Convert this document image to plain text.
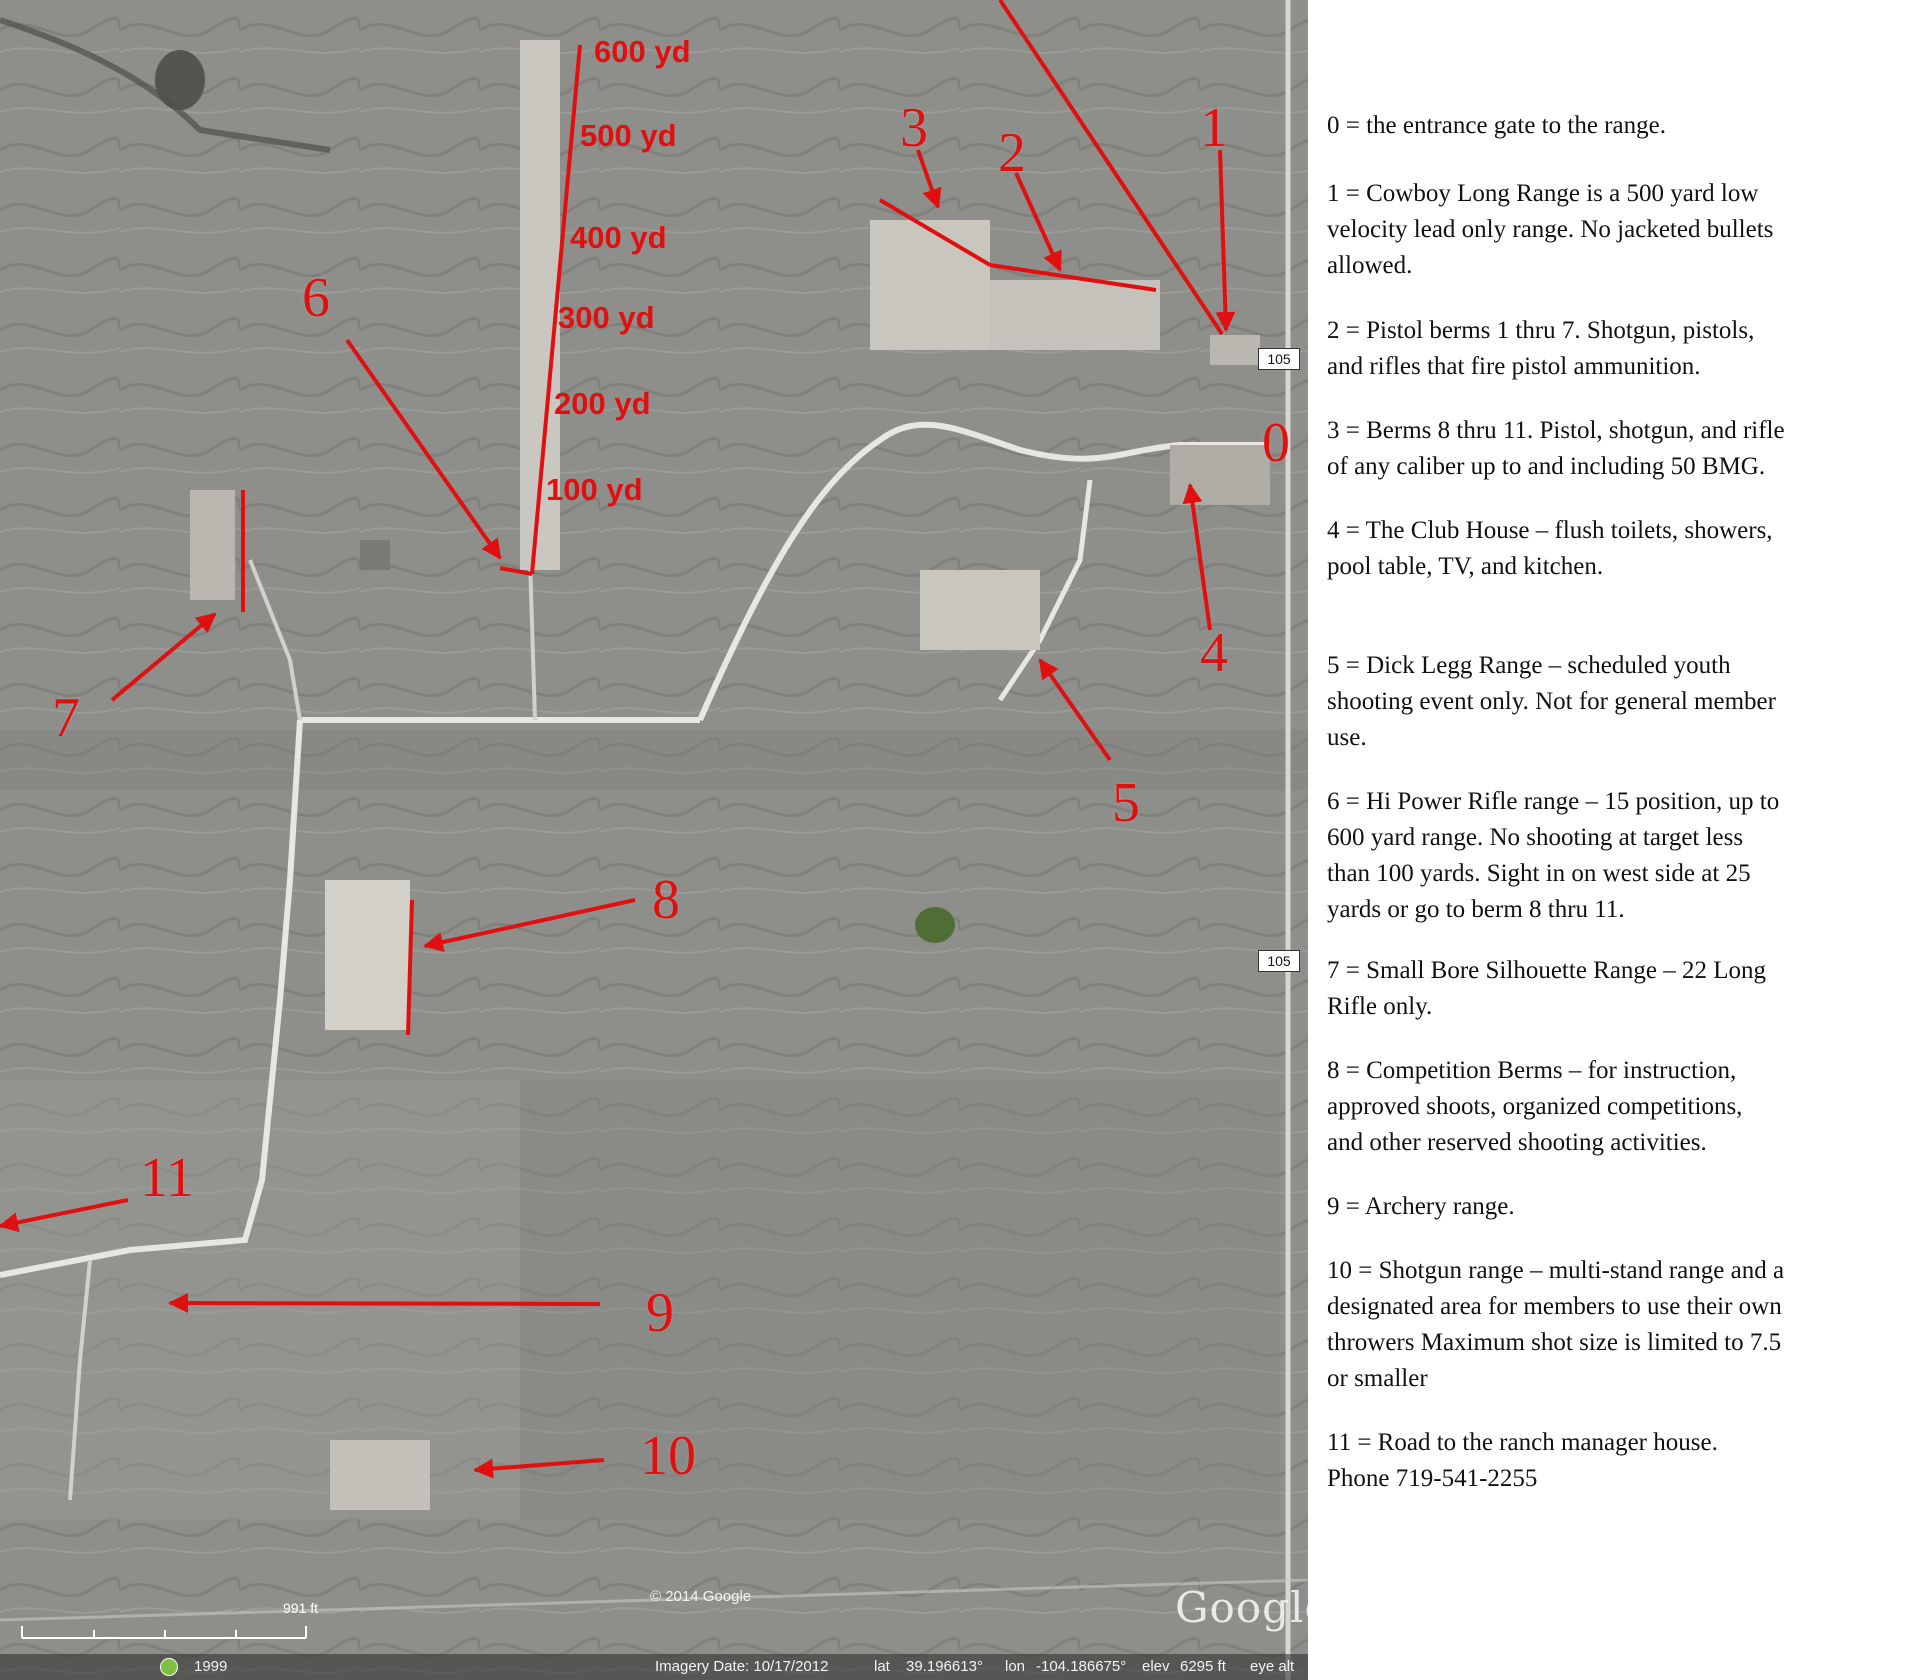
0
1
2
3
4
5
6
7
8
9
10
11
600 yd
500 yd
400 yd
300 yd
200 yd
100 yd
105
105
© 2014 Google	Google
991 ft
1999	Imagery Date: 10/17/2012	lat 39.196613° lon -104.186675° elev 6295 ft eye alt

0 = the entrance gate to the range.

1 = Cowboy Long Range is a 500 yard low
velocity lead only range. No jacketed bullets
allowed.

2 = Pistol berms 1 thru 7. Shotgun, pistols,
and rifles that fire pistol ammunition.

3 = Berms 8 thru 11. Pistol, shotgun, and rifle
of any caliber up to and including 50 BMG.

4 = The Club House – flush toilets, showers,
pool table, TV, and kitchen.

5 = Dick Legg Range – scheduled youth
shooting event only. Not for general member
use.

6 = Hi Power Rifle range – 15 position, up to
600 yard range. No shooting at target less
than 100 yards. Sight in on west side at 25
yards or go to berm 8 thru 11.

7 = Small Bore Silhouette Range – 22 Long
Rifle only.

8 = Competition Berms – for instruction,
approved shoots, organized competitions,
and other reserved shooting activities.

9 = Archery range.

10 = Shotgun range – multi-stand range and a
designated area for members to use their own
throwers Maximum shot size is limited to 7.5
or smaller

11 = Road to the ranch manager house.
Phone 719-541-2255
